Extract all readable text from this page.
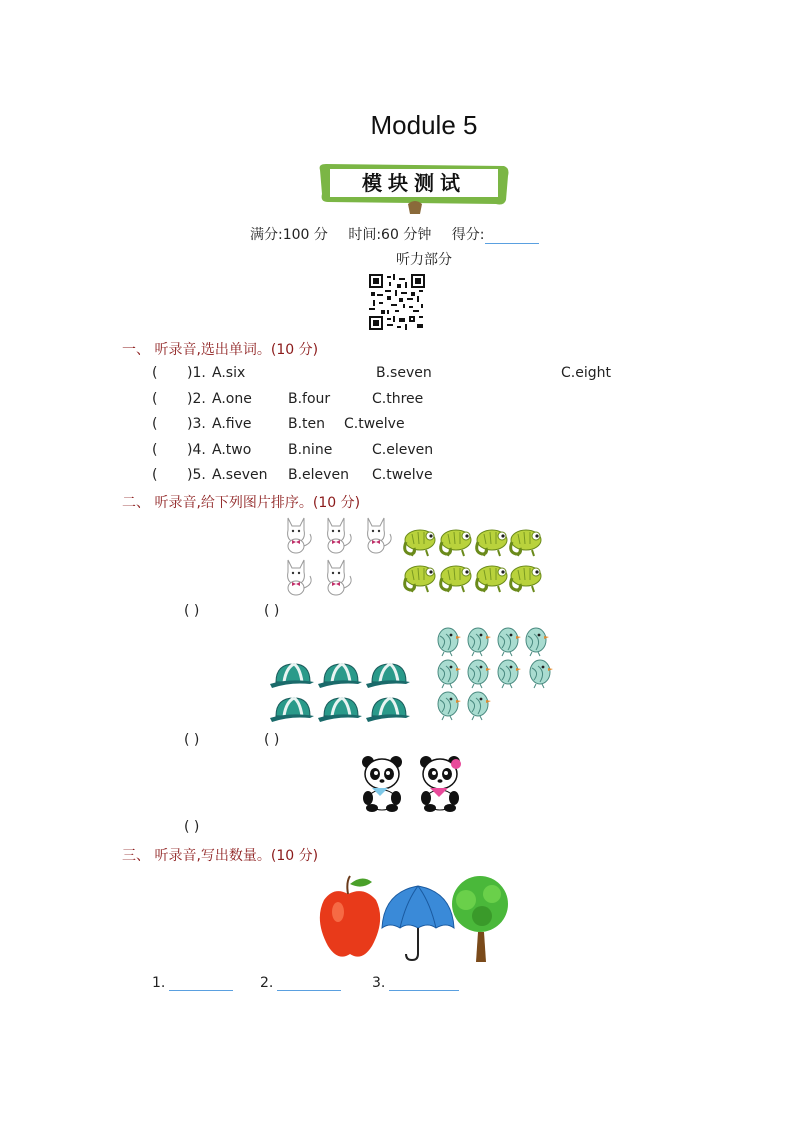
Module 5
模块测试
满分:100 分 时间:60 分钟 得分:
听力部分
一、 听录音,选出单词。(10 分)
( )1. A.six	B.seven	C.eight
( )2. A.one	B.four	C.three
( )3. A.five	B.ten C.twelve
( )4. A.two	B.nine	C.eleven
( )5. A.seven B.eleven C.twelve
二、 听录音,给下列图片排序。(10 分)
( )	( )
( )	( )
( )
三、 听录音,写出数量。(10 分)
1.	2.	3.
